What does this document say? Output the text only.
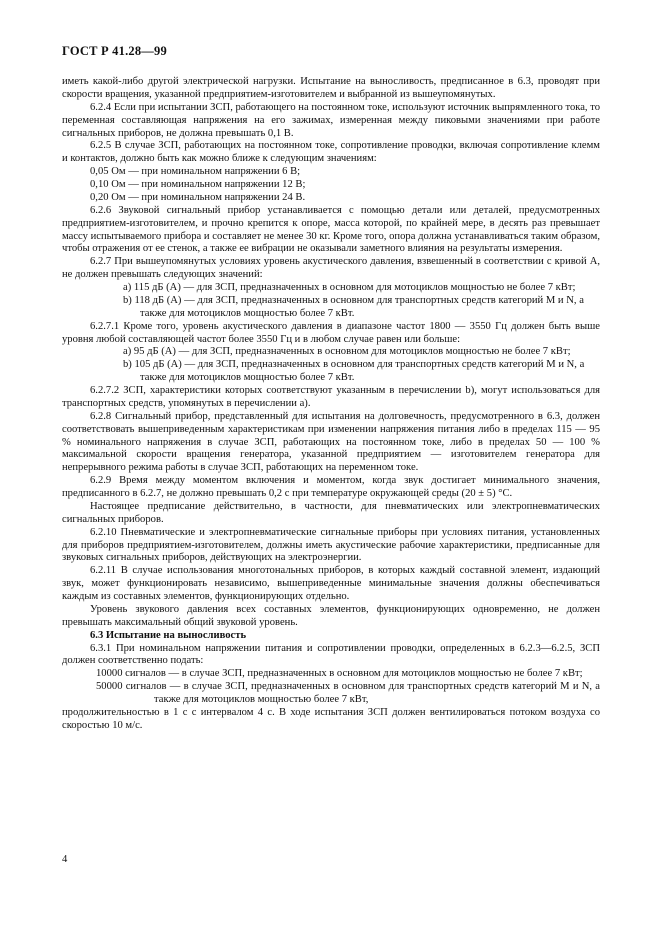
ГОСТ Р 41.28—99

иметь какой-либо другой электрической нагрузки. Испытание на выносливость, предписанное в 6.3, проводят при скорости вращения, указанной предприятием-изготовителем и выбранной из вышеупомянутых.

6.2.4 Если при испытании ЗСП, работающего на постоянном токе, используют источник выпрямленного тока, то переменная составляющая напряжения на его зажимах, измеренная между пиковыми значениями при работе сигнальных приборов, не должна превышать 0,1 В.

6.2.5 В случае ЗСП, работающих на постоянном токе, сопротивление проводки, включая сопротивление клемм и контактов, должно быть как можно ближе к следующим значениям:

0,05 Ом — при номинальном напряжении 6 В;

0,10 Ом — при номинальном напряжении 12 В;

0,20 Ом — при номинальном напряжении 24 В.

6.2.6 Звуковой сигнальный прибор устанавливается с помощью детали или деталей, предусмотренных предприятием-изготовителем, и прочно крепится к опоре, масса которой, по крайней мере, в десять раз превышает массу испытываемого прибора и составляет не менее 30 кг. Кроме того, опора должна устанавливаться таким образом, чтобы отражения от ее стенок, а также ее вибрации не оказывали заметного влияния на результаты измерения.

6.2.7 При вышеупомянутых условиях уровень акустического давления, взвешенный в соответствии с кривой А, не должен превышать следующих значений:

а) 115 дБ (А) — для ЗСП, предназначенных в основном для мотоциклов мощностью не более 7 кВт;

b) 118 дБ (А) — для ЗСП, предназначенных в основном для транспортных средств категорий М и N, а также для мотоциклов мощностью более 7 кВт.

6.2.7.1 Кроме того, уровень акустического давления в диапазоне частот 1800 — 3550 Гц должен быть выше уровня любой составляющей частот более 3550 Гц и в любом случае равен или больше:

а) 95 дБ (А) — для ЗСП, предназначенных в основном для мотоциклов мощностью не более 7 кВт;

b) 105 дБ (А) — для ЗСП, предназначенных в основном для транспортных средств категорий М и N, а также для мотоциклов мощностью более 7 кВт.

6.2.7.2 ЗСП, характеристики которых соответствуют указанным в перечислении b), могут использоваться для транспортных средств, упомянутых в перечислении а).

6.2.8 Сигнальный прибор, представленный для испытания на долговечность, предусмотренного в 6.3, должен соответствовать вышеприведенным характеристикам при изменении напряжения питания либо в пределах 115 — 95 % номинального напряжения в случае ЗСП, работающих на постоянном токе, либо в пределах 50 — 100 % максимальной скорости вращения генератора, указанной предприятием — изготовителем генератора для непрерывного режима работы в случае ЗСП, работающих на переменном токе.

6.2.9 Время между моментом включения и моментом, когда звук достигает минимального значения, предписанного в 6.2.7, не должно превышать 0,2 с при температуре окружающей среды (20 ± 5) °С.

Настоящее предписание действительно, в частности, для пневматических или электропневматических сигнальных приборов.

6.2.10 Пневматические и электропневматические сигнальные приборы при условиях питания, установленных для приборов предприятием-изготовителем, должны иметь акустические рабочие характеристики, предписанные для звуковых сигнальных приборов, действующих на электроэнергии.

6.2.11 В случае использования многотональных приборов, в которых каждый составной элемент, издающий звук, может функционировать независимо, вышеприведенные минимальные значения должны обеспечиваться каждым из составных элементов, функционирующих отдельно.

Уровень звукового давления всех составных элементов, функционирующих одновременно, не должен превышать максимальный общий звуковой уровень.

6.3 Испытание на выносливость

6.3.1 При номинальном напряжении питания и сопротивлении проводки, определенных в 6.2.3—6.2.5, ЗСП должен соответственно подать:

10000 сигналов — в случае ЗСП, предназначенных в основном для мотоциклов мощностью не более 7 кВт;

50000 сигналов — в случае ЗСП, предназначенных в основном для транспортных средств категорий М и N, а также для мотоциклов мощностью более 7 кВт,

продолжительностью в 1 с с интервалом 4 с. В ходе испытания ЗСП должен вентилироваться потоком воздуха со скоростью 10 м/с.

4
